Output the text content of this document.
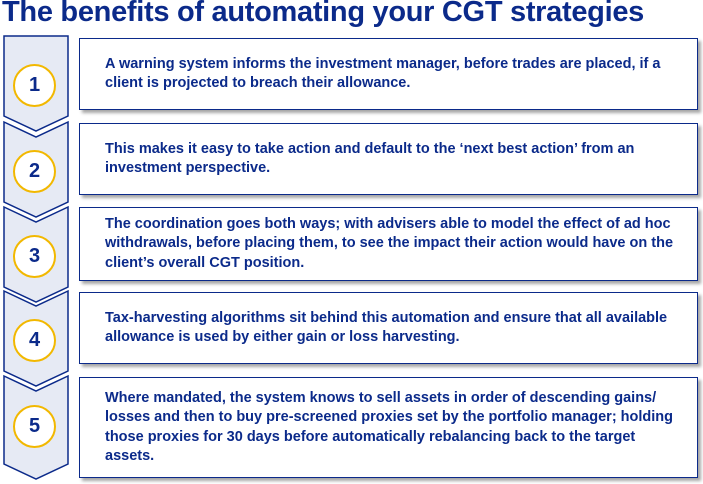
The benefits of automating your CGT strategies
1
A warning system informs the investment manager, before trades are placed, if a client is projected to breach their allowance.
2
This makes it easy to take action and default to the ‘next best action’ from an investment perspective.
3
The coordination goes both ways; with advisers able to model the effect of ad hoc withdrawals, before placing them, to see the impact their action would have on the client’s overall CGT position.
4
Tax-harvesting algorithms sit behind this automation and ensure that all available allowance is used by either gain or loss harvesting.
5
Where mandated, the system knows to sell assets in order of descending gains/ losses and then to buy pre-screened proxies set by the portfolio manager; holding those proxies for 30 days before automatically rebalancing back to the target assets.
